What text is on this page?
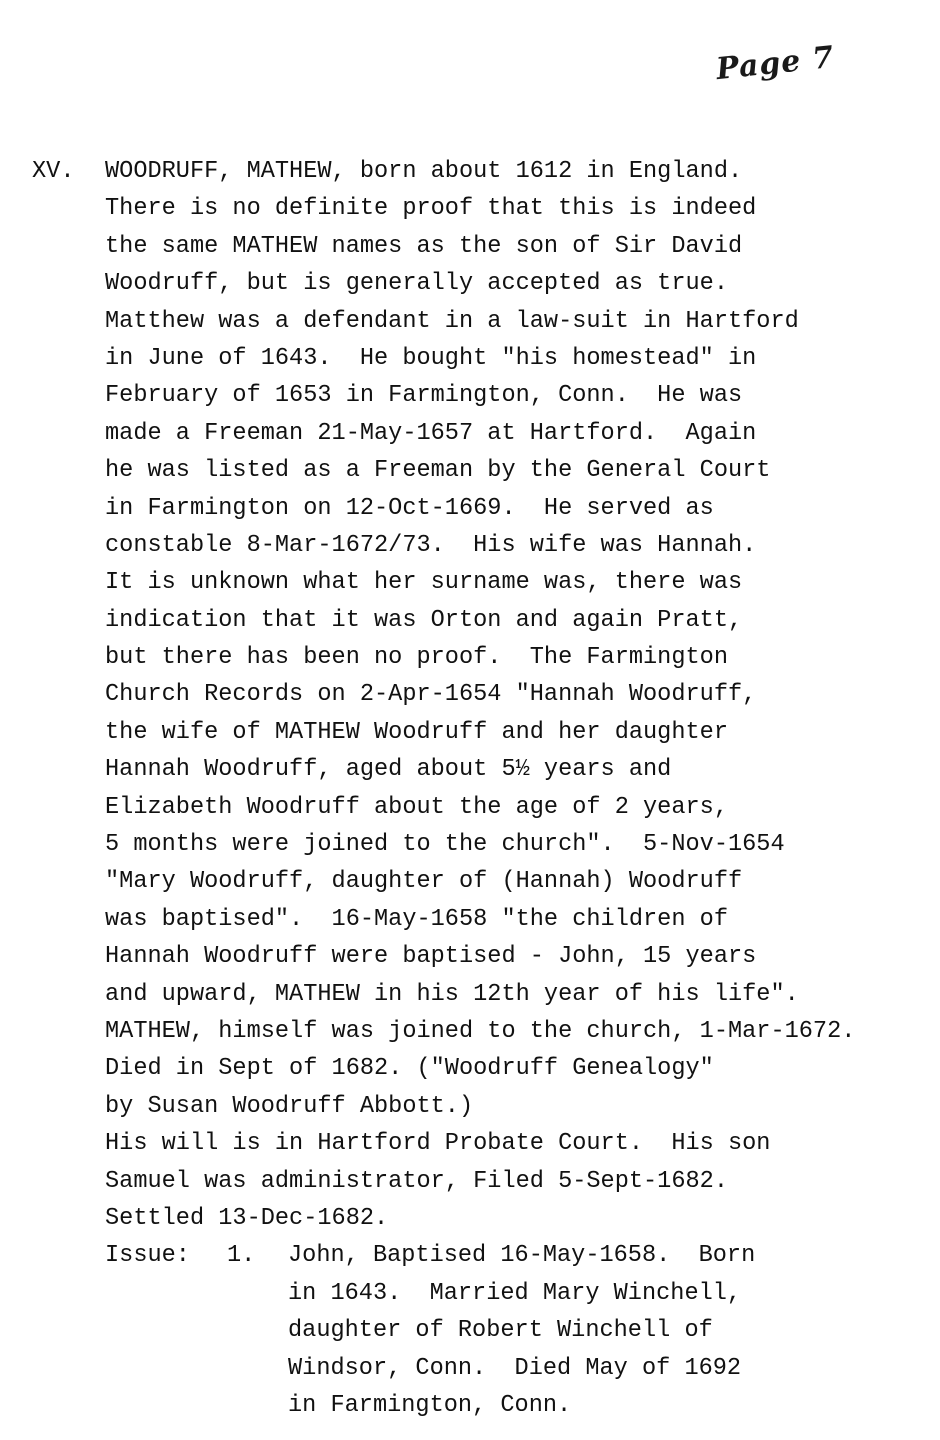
Page 7
XV. WOODRUFF, MATHEW, born about 1612 in England.
There is no definite proof that this is indeed
the same MATHEW names as the son of Sir David
Woodruff, but is generally accepted as true.
Matthew was a defendant in a law-suit in Hartford
in June of 1643.  He bought "his homestead" in
February of 1653 in Farmington, Conn.  He was
made a Freeman 21-May-1657 at Hartford.  Again
he was listed as a Freeman by the General Court
in Farmington on 12-Oct-1669.  He served as
constable 8-Mar-1672/73.  His wife was Hannah.
It is unknown what her surname was, there was
indication that it was Orton and again Pratt,
but there has been no proof.  The Farmington
Church Records on 2-Apr-1654 "Hannah Woodruff,
the wife of MATHEW Woodruff and her daughter
Hannah Woodruff, aged about 5½ years and
Elizabeth Woodruff about the age of 2 years,
5 months were joined to the church".  5-Nov-1654
"Mary Woodruff, daughter of (Hannah) Woodruff
was baptised".  16-May-1658 "the children of
Hannah Woodruff were baptised - John, 15 years
and upward, MATHEW in his 12th year of his life".
MATHEW, himself was joined to the church, 1-Mar-1672.
Died in Sept of 1682. ("Woodruff Genealogy"
by Susan Woodruff Abbott.)
His will is in Hartford Probate Court.  His son
Samuel was administrator, Filed 5-Sept-1682.
Settled 13-Dec-1682.

Issue:

1.

John, Baptised 16-May-1658.  Born

in 1643.  Married Mary Winchell,
daughter of Robert Winchell of
Windsor, Conn.  Died May of 1692
in Farmington, Conn.
